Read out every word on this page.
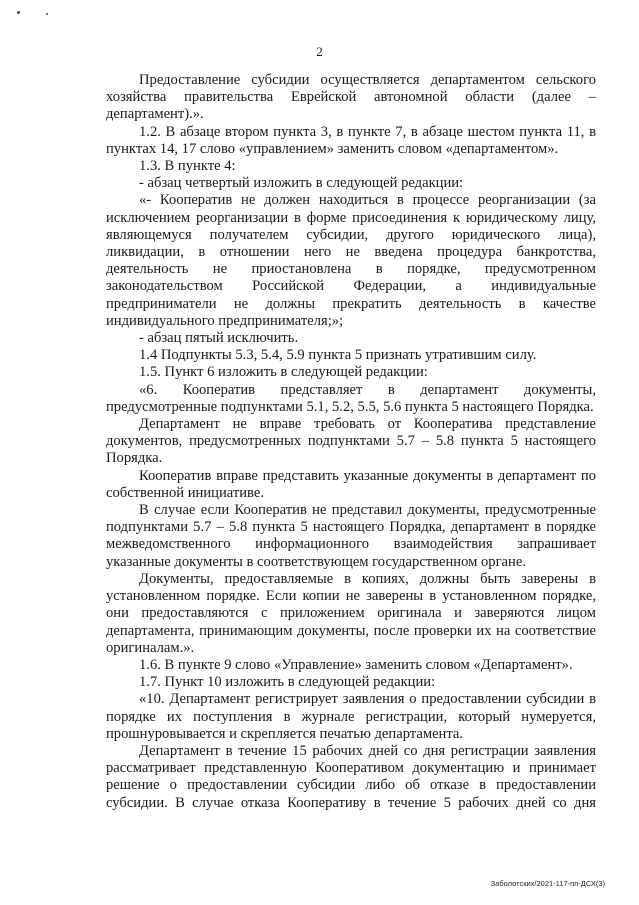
2

Предоставление субсидии осуществляется департаментом сельского хозяйства правительства Еврейской автономной области (далее – департамент).».

1.2. В абзаце втором пункта 3, в пункте 7, в абзаце шестом пункта 11, в пунктах 14, 17 слово «управлением» заменить словом «департаментом».

1.3. В пункте 4:

- абзац четвертый изложить в следующей редакции:

«- Кооператив не должен находиться в процессе реорганизации (за исключением реорганизации в форме присоединения к юридическому лицу, являющемуся получателем субсидии, другого юридического лица), ликвидации, в отношении него не введена процедура банкротства, деятельность не приостановлена в порядке, предусмотренном законодательством Российской Федерации, а индивидуальные предприниматели не должны прекратить деятельность в качестве индивидуального предпринимателя;»;

- абзац пятый исключить.

1.4 Подпункты 5.3, 5.4, 5.9 пункта 5 признать утратившим силу.

1.5. Пункт 6 изложить в следующей редакции:

«6. Кооператив представляет в департамент документы, предусмотренные подпунктами 5.1, 5.2, 5.5, 5.6 пункта 5 настоящего Порядка.

Департамент не вправе требовать от Кооператива представление документов, предусмотренных подпунктами 5.7 – 5.8 пункта 5 настоящего Порядка.

Кооператив вправе представить указанные документы в департамент по собственной инициативе.

В случае если Кооператив не представил документы, предусмотренные подпунктами 5.7 – 5.8 пункта 5 настоящего Порядка, департамент в порядке межведомственного информационного взаимодействия запрашивает указанные документы в соответствующем государственном органе.

Документы, предоставляемые в копиях, должны быть заверены в установленном порядке. Если копии не заверены в установленном порядке, они предоставляются с приложением оригинала и заверяются лицом департамента, принимающим документы, после проверки их на соответствие оригиналам.».

1.6. В пункте 9 слово «Управление» заменить словом «Департамент».

1.7. Пункт 10 изложить в следующей редакции:

«10. Департамент регистрирует заявления о предоставлении субсидии в порядке их поступления в журнале регистрации, который нумеруется, прошнуровывается и скрепляется печатью департамента.

Департамент в течение 15 рабочих дней со дня регистрации заявления рассматривает представленную Кооперативом документацию и принимает решение о предоставлении субсидии либо об отказе в предоставлении субсидии. В случае отказа Кооперативу в течение 5 рабочих дней со дня

Заболотских/2021-117-пп-ДСХ(3)
